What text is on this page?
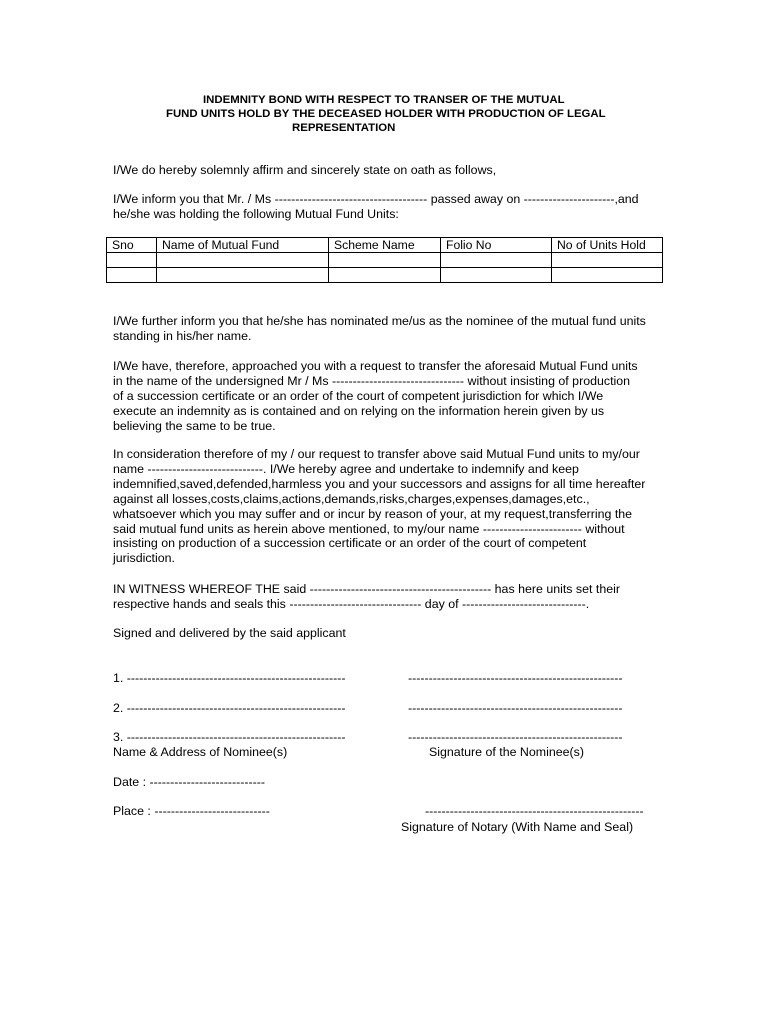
INDEMNITY BOND WITH RESPECT TO TRANSER OF THE MUTUAL
FUND UNITS HOLD BY THE DECEASED HOLDER WITH PRODUCTION OF LEGAL
REPRESENTATION
I/We do hereby solemnly affirm and sincerely state on oath as follows,
I/We inform you that Mr. / Ms ------------------------------------- passed away on ----------------------,and
he/she was holding the following Mutual Fund Units:
Sno	Name of Mutual Fund	Scheme Name	Folio No	No of Units Hold

I/We further inform you that he/she has nominated me/us as the nominee of the mutual fund units
standing in his/her name.
I/We have, therefore, approached you with a request to transfer the aforesaid Mutual Fund units
in the name of the undersigned Mr / Ms -------------------------------- without insisting of production
of a succession certificate or an order of the court of competent jurisdiction for which I/We
execute an indemnity as is contained and on relying on the information herein given by us
believing the same to be true.
In consideration therefore of my / our request to transfer above said Mutual Fund units to my/our
name ----------------------------. I/We hereby agree and undertake to indemnify and keep
indemnified,saved,defended,harmless you and your successors and assigns for all time hereafter
against all losses,costs,claims,actions,demands,risks,charges,expenses,damages,etc.,
whatsoever which you may suffer and or incur by reason of your, at my request,transferring the
said mutual fund units as herein above mentioned, to my/our name ------------------------ without
insisting on production of a succession certificate or an order of the court of competent
jurisdiction.
IN WITNESS WHEREOF THE said -------------------------------------------- has here units set their
respective hands and seals this -------------------------------- day of ------------------------------.
Signed and delivered by the said applicant
1. -----------------------------------------------------	----------------------------------------------------
2. -----------------------------------------------------	----------------------------------------------------
3. -----------------------------------------------------	----------------------------------------------------
Name & Address of Nominee(s)	Signature of the Nominee(s)
Date : ----------------------------
Place : ----------------------------	-----------------------------------------------------
Signature of Notary (With Name and Seal)
